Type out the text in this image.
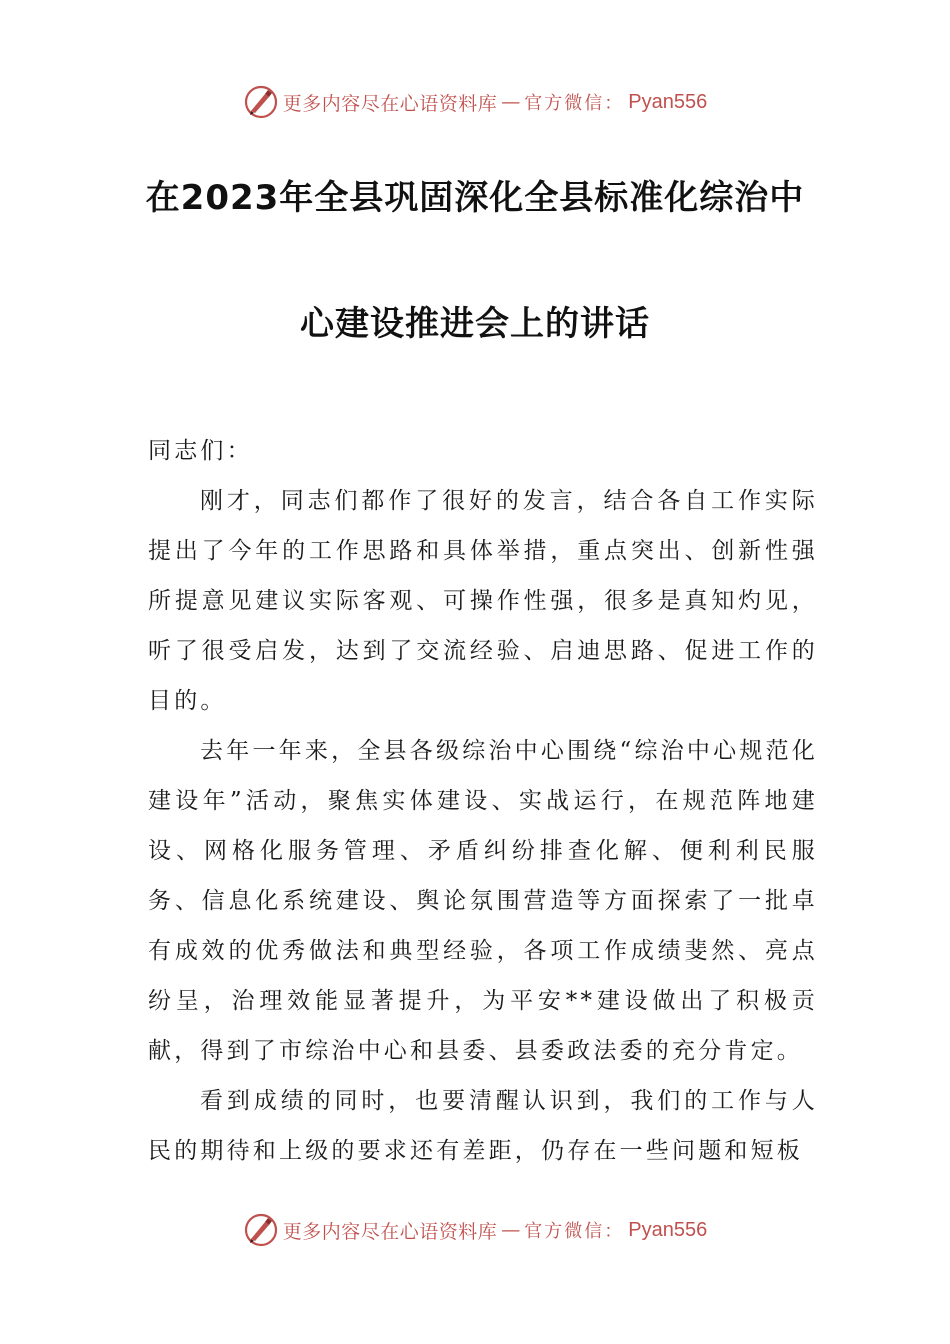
更多内容尽在心语资料库 — 官方微信： Pyan556
在2023年全县巩固深化全县标准化综治中
心建设推进会上的讲话

同志们：

刚才，同志们都作了很好的发言，结合各自工作实际提出了今年的工作思路和具体举措，重点突出、创新性强所提意见建议实际客观、可操作性强，很多是真知灼见，听了很受启发，达到了交流经验、启迪思路、促进工作的目的。

去年一年来，全县各级综治中心围绕“综治中心规范化建设年”活动，聚焦实体建设、实战运行，在规范阵地建设、网格化服务管理、矛盾纠纷排查化解、便利利民服务、信息化系统建设、舆论氛围营造等方面探索了一批卓有成效的优秀做法和典型经验，各项工作成绩斐然、亮点纷呈，治理效能显著提升，为平安**建设做出了积极贡献，得到了市综治中心和县委、县委政法委的充分肯定。

看到成绩的同时，也要清醒认识到，我们的工作与人民的期待和上级的要求还有差距，仍存在一些问题和短板

更多内容尽在心语资料库 — 官方微信： Pyan556
